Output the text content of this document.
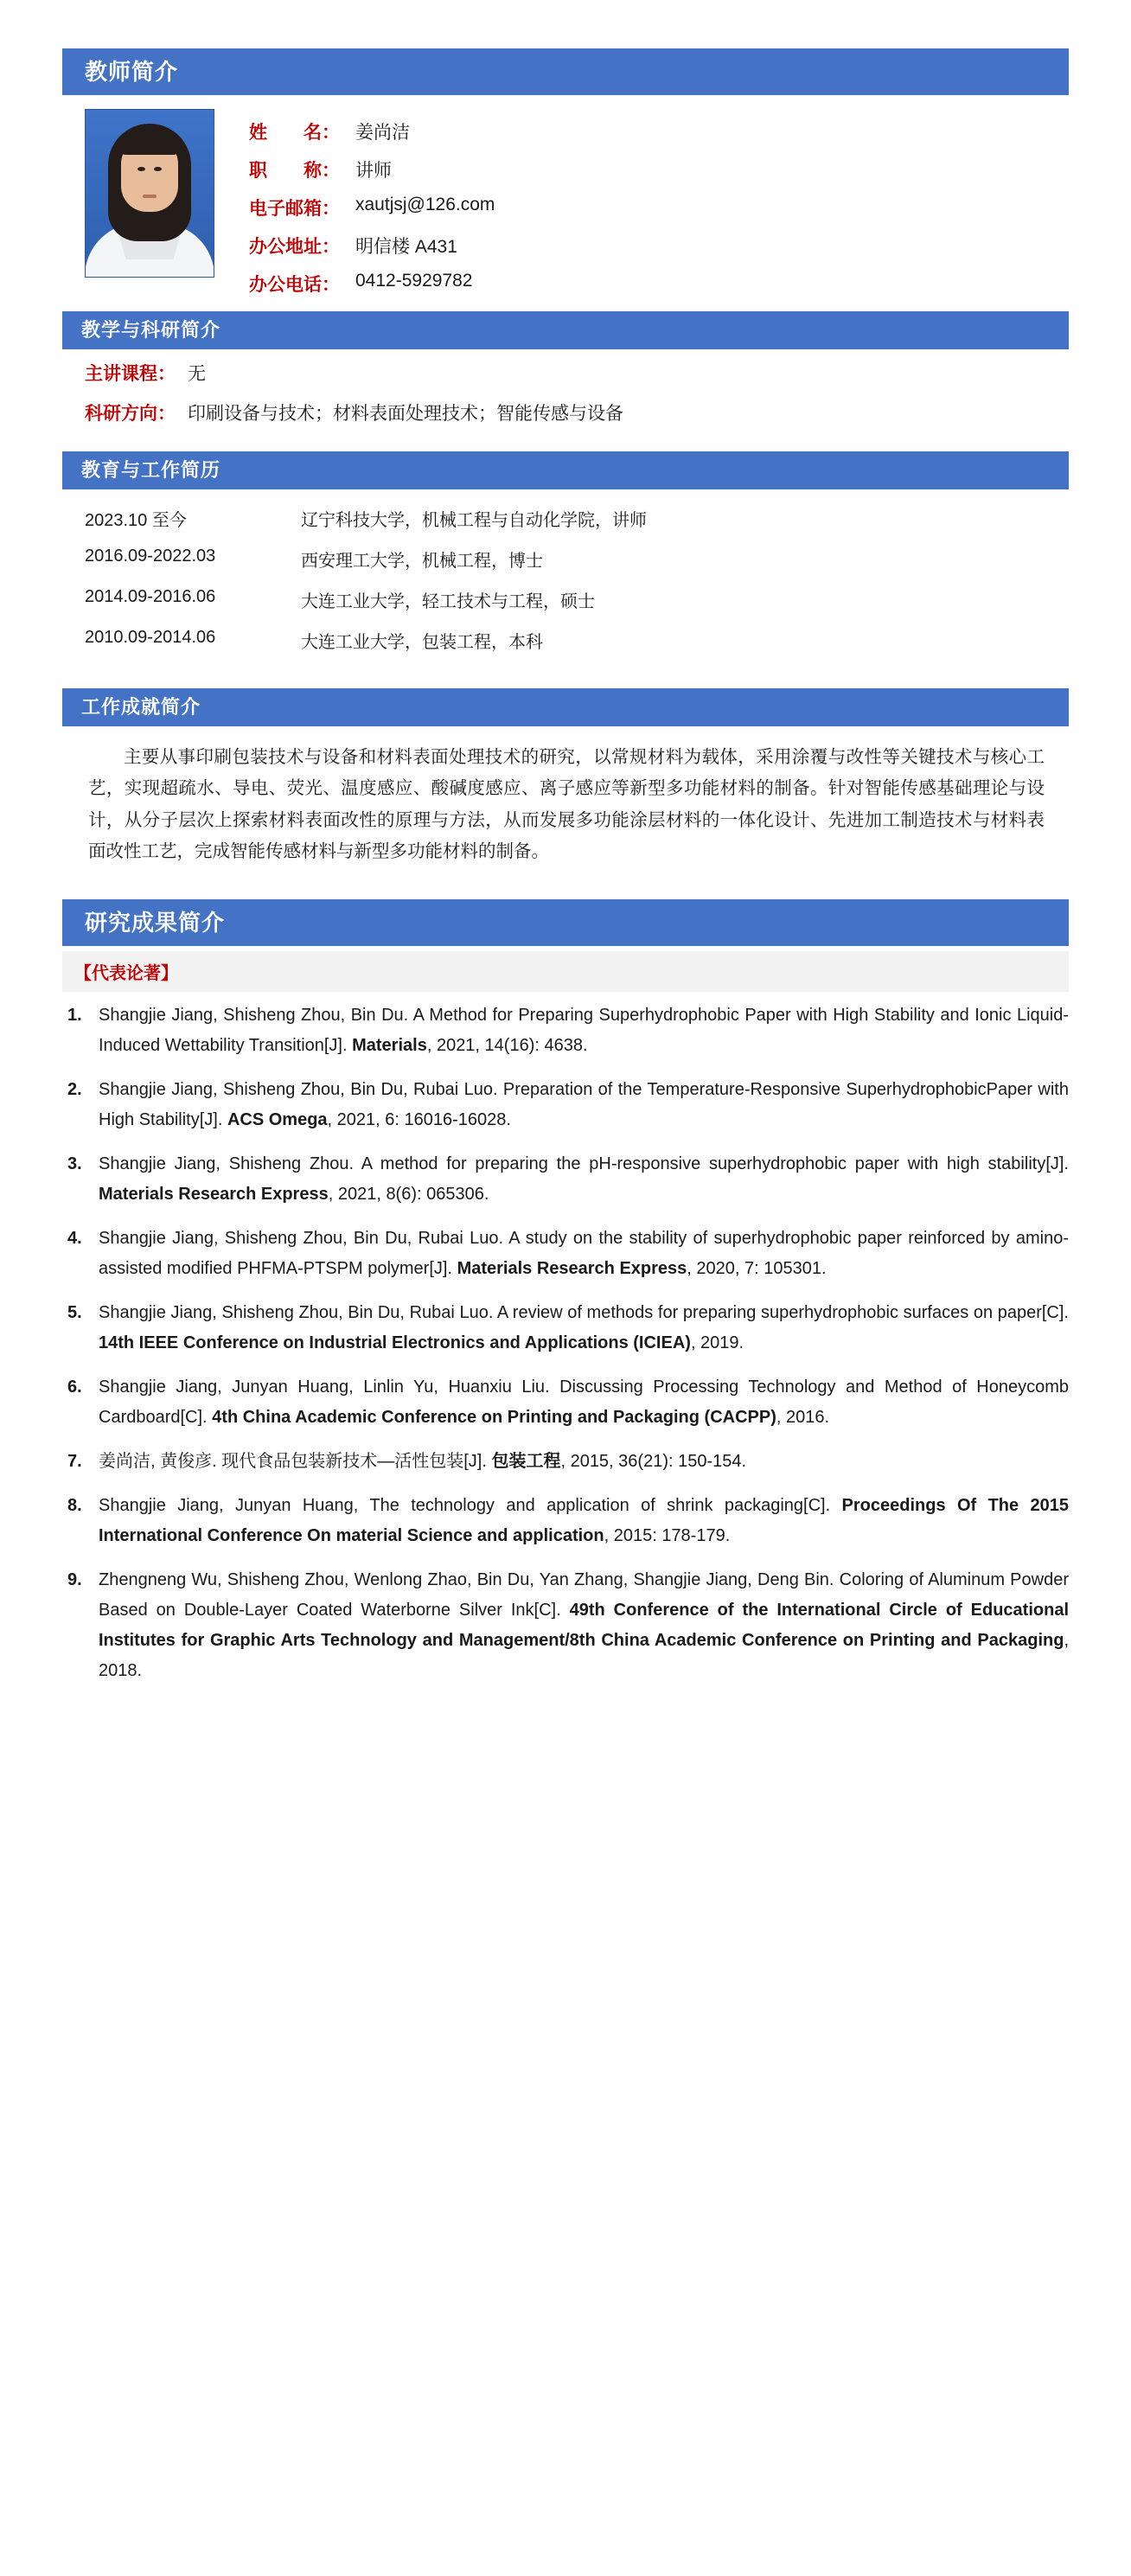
教师简介
姓　　名：	姜尚洁
职　　称：	讲师
电子邮箱：	xautjsj@126.com
办公地址：	明信楼 A431
办公电话：	0412-5929782
教学与科研简介
主讲课程： 无
科研方向： 印刷设备与技术；材料表面处理技术；智能传感与设备
教育与工作简历
2023.10 至今	辽宁科技大学，机械工程与自动化学院，讲师
2016.09-2022.03	西安理工大学，机械工程，博士
2014.09-2016.06	大连工业大学，轻工技术与工程，硕士
2010.09-2014.06	大连工业大学，包装工程，本科
工作成就简介
主要从事印刷包装技术与设备和材料表面处理技术的研究，以常规材料为载体，采用涂覆与改性等关键技术与核心工艺，实现超疏水、导电、荧光、温度感应、酸碱度感应、离子感应等新型多功能材料的制备。针对智能传感基础理论与设计，从分子层次上探索材料表面改性的原理与方法，从而发展多功能涂层材料的一体化设计、先进加工制造技术与材料表面改性工艺，完成智能传感材料与新型多功能材料的制备。
研究成果简介
【代表论著】
1. Shangjie Jiang, Shisheng Zhou, Bin Du. A Method for Preparing Superhydrophobic Paper with High Stability and Ionic Liquid-Induced Wettability Transition[J]. Materials, 2021, 14(16): 4638.
2. Shangjie Jiang, Shisheng Zhou, Bin Du, Rubai Luo. Preparation of the Temperature-Responsive SuperhydrophobicPaper with High Stability[J]. ACS Omega, 2021, 6: 16016-16028.
3. Shangjie Jiang, Shisheng Zhou. A method for preparing the pH-responsive superhydrophobic paper with high stability[J]. Materials Research Express, 2021, 8(6): 065306.
4. Shangjie Jiang, Shisheng Zhou, Bin Du, Rubai Luo. A study on the stability of superhydrophobic paper reinforced by amino-assisted modified PHFMA-PTSPM polymer[J]. Materials Research Express, 2020, 7: 105301.
5. Shangjie Jiang, Shisheng Zhou, Bin Du, Rubai Luo. A review of methods for preparing superhydrophobic surfaces on paper[C]. 14th IEEE Conference on Industrial Electronics and Applications (ICIEA), 2019.
6. Shangjie Jiang, Junyan Huang, Linlin Yu, Huanxiu Liu. Discussing Processing Technology and Method of Honeycomb Cardboard[C]. 4th China Academic Conference on Printing and Packaging (CACPP), 2016.
7. 姜尚洁, 黄俊彦. 现代食品包装新技术—活性包装[J]. 包装工程, 2015, 36(21): 150-154.
8. Shangjie Jiang, Junyan Huang, The technology and application of shrink packaging[C]. Proceedings Of The 2015 International Conference On material Science and application, 2015: 178-179.
9. Zhengneng Wu, Shisheng Zhou, Wenlong Zhao, Bin Du, Yan Zhang, Shangjie Jiang, Deng Bin. Coloring of Aluminum Powder Based on Double-Layer Coated Waterborne Silver Ink[C]. 49th Conference of the International Circle of Educational Institutes for Graphic Arts Technology and Management/8th China Academic Conference on Printing and Packaging, 2018.
